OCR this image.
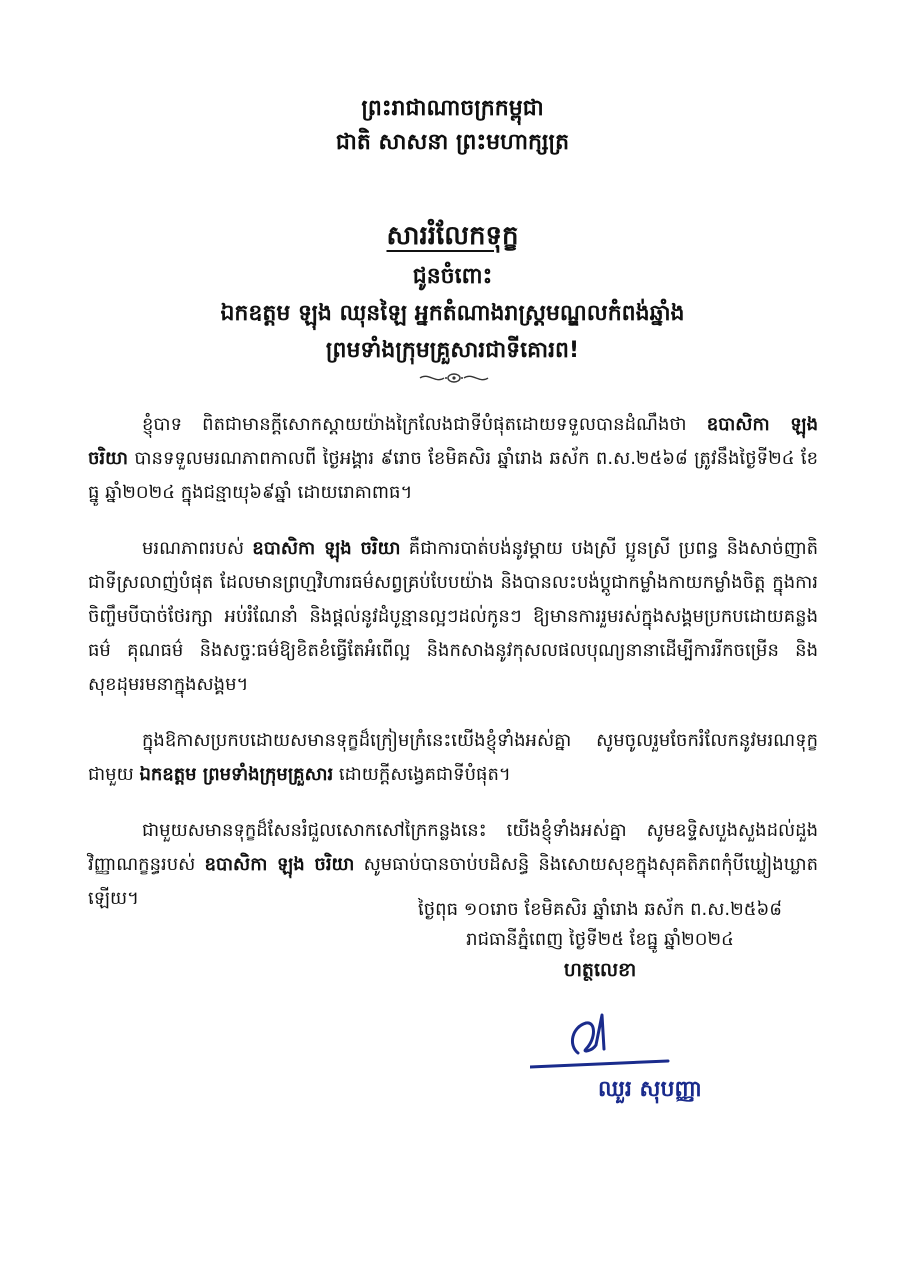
ព្រះរាជាណាចក្រកម្ពុជា
ជាតិ សាសនា ព្រះមហាក្សត្រ
សាររំលែកទុក្ខ
ជូនចំពោះ
ឯកឧត្តម ឡុង ឈុនឡៃ អ្នកតំណាងរាស្ត្រមណ្ឌលកំពង់ឆ្នាំង
ព្រមទាំងក្រុមគ្រួសារជាទីគោរព!

ខ្ញុំបាទ ពិតជាមានក្តីសោកស្តាយយ៉ាងក្រៃលែងជាទីបំផុតដោយទទួលបានដំណឹងថា ឧបាសិកា ឡុង ចរិយា បានទទួលមរណភាពកាលពី ថ្ងៃអង្គារ ៩រោច ខែមិគសិរ ឆ្នាំរោង ឆស័ក ព.ស.២៥៦៨ ត្រូវនឹងថ្ងៃទី២៤ ខែធ្នូ ឆ្នាំ២០២៤ ក្នុងជន្មាយុ៦៩ឆ្នាំ ដោយរោគាពាធ។

មរណភាពរបស់ ឧបាសិកា ឡុង ចរិយា គឺជាការបាត់បង់នូវម្តាយ បងស្រី ប្អូនស្រី ប្រពន្ធ និងសាច់ញាតិជាទីស្រលាញ់បំផុត ដែលមានព្រហ្មវិហារធម៌សព្វគ្រប់បែបយ៉ាង និងបានលះបង់ប្តូជាកម្លាំងកាយកម្លាំងចិត្ត ក្នុងការចិញ្ចឹមបីបាច់ថែរក្សា អប់រំណែនាំ និងផ្តល់នូវដំបូន្មានល្អៗដល់កូនៗ ឱ្យមានការរួមរស់ក្នុងសង្គមប្រកបដោយគន្លងធម៌ គុណធម៌ និងសច្ចៈធម៌ឱ្យខិតខំធ្វើតែអំពើល្អ និងកសាងនូវកុសលផលបុណ្យនានាដើម្បីការរីកចម្រើន និងសុខដុមរមនាក្នុងសង្គម។

ក្នុងឱកាសប្រកបដោយសមានទុក្ខដ៏ក្រៀមក្រំនេះយើងខ្ញុំទាំងអស់គ្នា សូមចូលរួមចែករំលែកនូវមរណទុក្ខជាមួយ ឯកឧត្តម ព្រមទាំងក្រុមគ្រួសារ ដោយក្តីសង្វេគជាទីបំផុត។

ជាមួយសមានទុក្ខដ៏សែនរំជួលសោកសៅក្រៃកន្លងនេះ យើងខ្ញុំទាំងអស់គ្នា សូមឧទ្ទិសបួងសួងដល់ដួងវិញ្ញាណក្ខន្ធរបស់ ឧបាសិកា ឡុង ចរិយា សូមធាប់បានចាប់បដិសន្ធិ និងសោយសុខក្នុងសុគតិភពកុំបីឃ្លៀងឃ្លាតឡើយ។

ថ្ងៃពុធ ១០រោច ខែមិគសិរ ឆ្នាំរោង ឆស័ក ព.ស.២៥៦៨
រាជធានីភ្នំពេញ ថ្ងៃទី២៥ ខែធ្នូ ឆ្នាំ២០២៤
ហត្ថលេខា
ឈួរ សុបញ្ញា
